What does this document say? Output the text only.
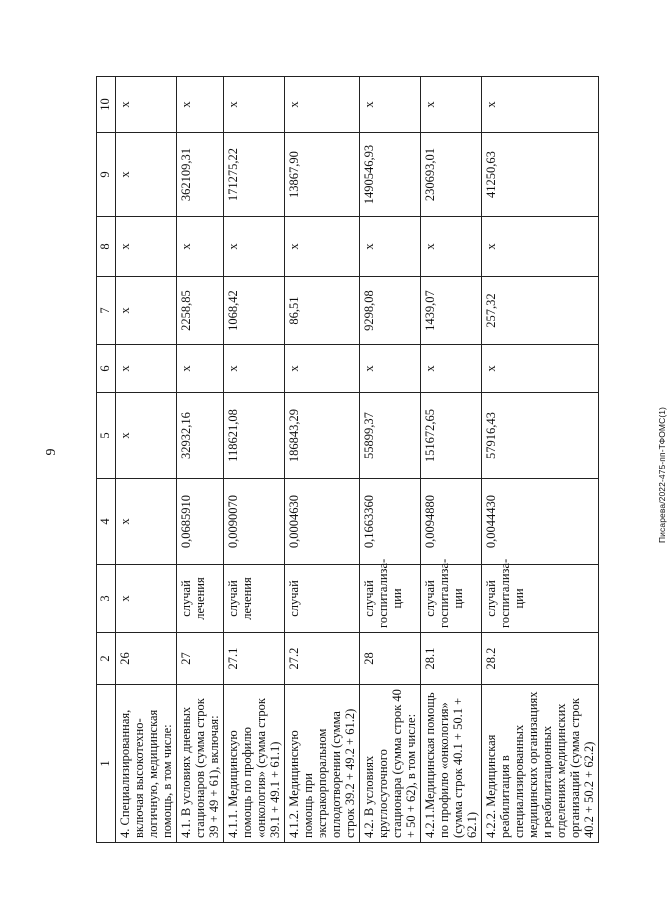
9	Писарева/2022-475-пп-ТФОМС(1)
1	2	3	4	5	6	7	8	9	10
4. Специализированная, включая высокотехно-логичную, медицинская помощь, в том числе:	26	х	х	х	х	х	х	х	х
4.1. В условиях дневных стационаров (сумма строк 39 + 49 + 61), включая:	27	случай лечения	0,0685910	32932,16	х	2258,85	х	362109,31	х
4.1.1. Медицинскую помощь по профилю «онкология» (сумма строк 39.1 + 49.1 + 61.1)	27.1	случай лечения	0,0090070	118621,08	х	1068,42	х	171275,22	х
4.1.2. Медицинскую помощь при экстракорпоральном оплодотворении (сумма строк 39.2 + 49.2 + 61.2)	27.2	случай	0,0004630	186843,29	х	86,51	х	13867,90	х
4.2. В условиях круглосуточного стационара (сумма строк 40 + 50 + 62), в том числе:	28	случай госпитализа-ции	0,1663360	55899,37	х	9298,08	х	1490546,93	х
4.2.1.Медицинская помощь по профилю «онкология» (сумма строк 40.1 + 50.1 + 62.1)	28.1	случай госпитализа-ции	0,0094880	151672,65	х	1439,07	х	230693,01	х
4.2.2. Медицинская реабилитация в специализированных медицинских организациях и реабилитационных отделениях медицинских организаций (сумма строк 40.2 + 50.2 + 62.2)	28.2	случай госпитализа-ции	0,0044430	57916,43	х	257,32	х	41250,63	х
